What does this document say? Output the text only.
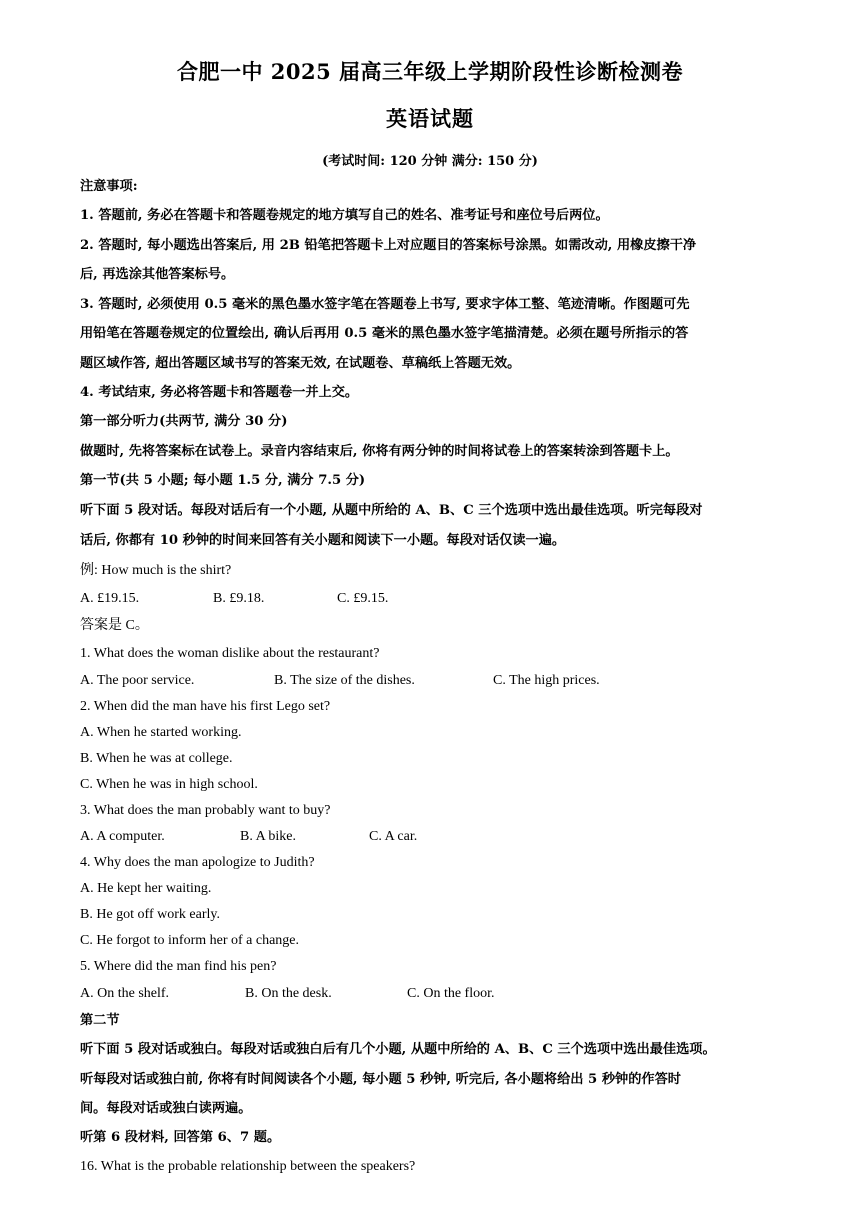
合肥一中 2025 届高三年级上学期阶段性诊断检测卷
英语试题
(考试时间: 120 分钟 满分: 150 分)
注意事项:
1. 答题前, 务必在答题卡和答题卷规定的地方填写自己的姓名、准考证号和座位号后两位。
2. 答题时, 每小题选出答案后, 用 2B 铅笔把答题卡上对应题目的答案标号涂黑。如需改动, 用橡皮擦干净
后, 再选涂其他答案标号。
3. 答题时, 必须使用 0.5 毫米的黑色墨水签字笔在答题卷上书写, 要求字体工整、笔迹清晰。作图题可先
用铅笔在答题卷规定的位置绘出, 确认后再用 0.5 毫米的黑色墨水签字笔描清楚。必须在题号所指示的答
题区域作答, 超出答题区域书写的答案无效, 在试题卷、草稿纸上答题无效。
4. 考试结束, 务必将答题卡和答题卷一并上交。
第一部分听力(共两节, 满分 30 分)
做题时, 先将答案标在试卷上。录音内容结束后, 你将有两分钟的时间将试卷上的答案转涂到答题卡上。
第一节(共 5 小题; 每小题 1.5 分, 满分 7.5 分)
听下面 5 段对话。每段对话后有一个小题, 从题中所给的 A、B、C 三个选项中选出最佳选项。听完每段对
话后, 你都有 10 秒钟的时间来回答有关小题和阅读下一小题。每段对话仅读一遍。
例: How much is the shirt?
A. £19.15.	B. £9.18.	C. £9.15.
答案是 C。
1. What does the woman dislike about the restaurant?
A. The poor service.	B. The size of the dishes.	C. The high prices.
2. When did the man have his first Lego set?
A. When he started working.
B. When he was at college.
C. When he was in high school.
3. What does the man probably want to buy?
A. A computer.	B. A bike.	C. A car.
4. Why does the man apologize to Judith?
A. He kept her waiting.
B. He got off work early.
C. He forgot to inform her of a change.
5. Where did the man find his pen?
A. On the shelf.	B. On the desk.	C. On the floor.
第二节
听下面 5 段对话或独白。每段对话或独白后有几个小题, 从题中所给的 A、B、C 三个选项中选出最佳选项。
听每段对话或独白前, 你将有时间阅读各个小题, 每小题 5 秒钟, 听完后, 各小题将给出 5 秒钟的作答时
间。每段对话或独白读两遍。
听第 6 段材料, 回答第 6、7 题。
16. What is the probable relationship between the speakers?
